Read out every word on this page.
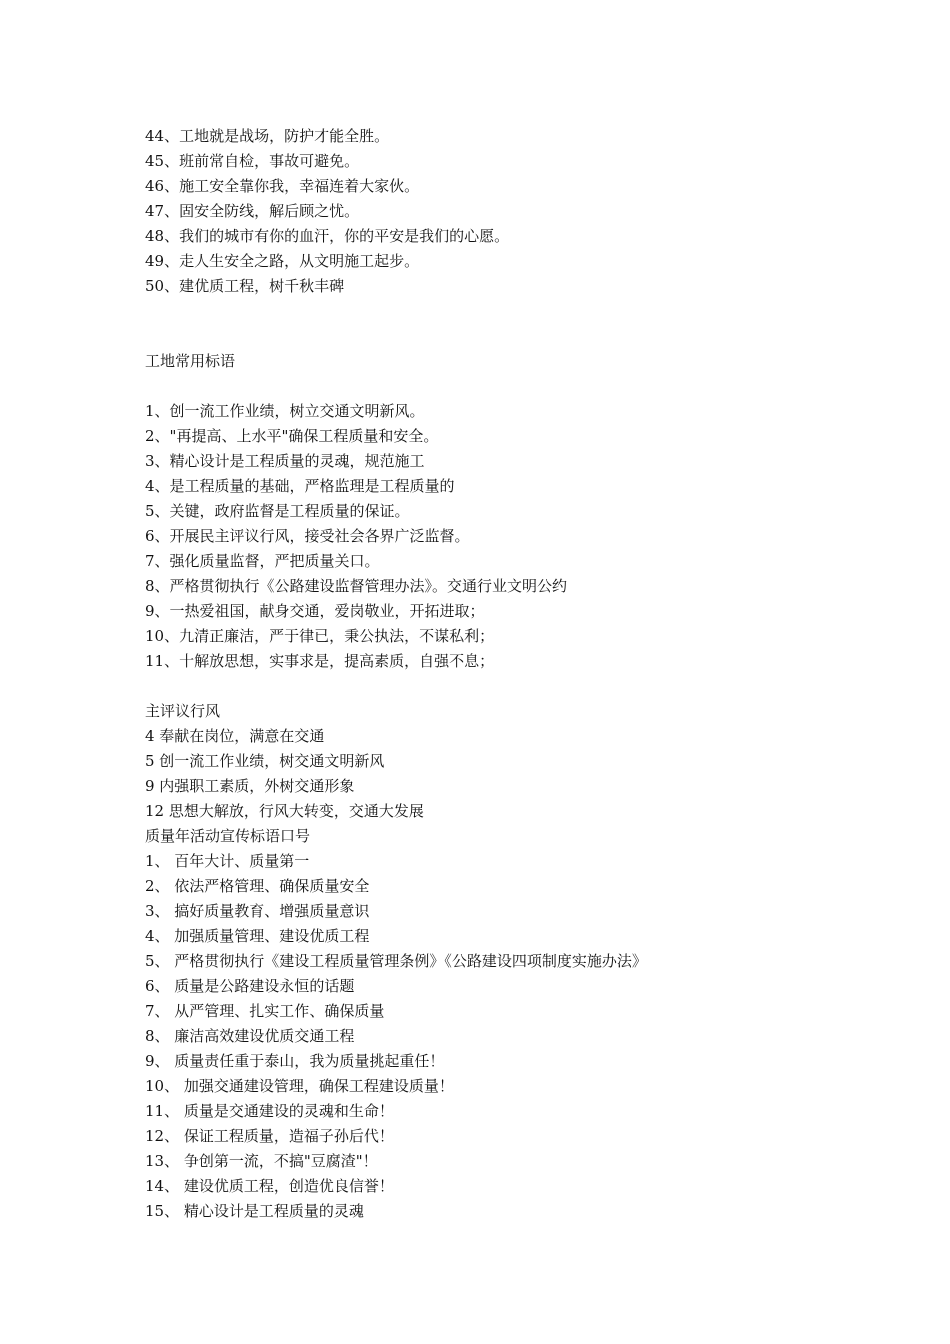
44、工地就是战场，防护才能全胜。
45、班前常自检，事故可避免。
46、施工安全靠你我，幸福连着大家伙。
47、固安全防线，解后顾之忧。
48、我们的城市有你的血汗，你的平安是我们的心愿。
49、走人生安全之路，从文明施工起步。
50、建优质工程，树千秋丰碑
工地常用标语
1、创一流工作业绩，树立交通文明新风。
2、"再提高、上水平"确保工程质量和安全。
3、精心设计是工程质量的灵魂，规范施工
4、是工程质量的基础，严格监理是工程质量的
5、关键，政府监督是工程质量的保证。
6、开展民主评议行风，接受社会各界广泛监督。
7、强化质量监督，严把质量关口。
8、严格贯彻执行《公路建设监督管理办法》。交通行业文明公约
9、一热爱祖国，献身交通，爱岗敬业，开拓进取；
10、九清正廉洁，严于律已，秉公执法，不谋私利；
11、十解放思想，实事求是，提高素质，自强不息；
主评议行风
4 奉献在岗位，满意在交通
5 创一流工作业绩，树交通文明新风
9 内强职工素质，外树交通形象
12 思想大解放，行风大转变，交通大发展
质量年活动宣传标语口号
1、 百年大计、质量第一
2、 依法严格管理、确保质量安全
3、 搞好质量教育、增强质量意识
4、 加强质量管理、建设优质工程
5、 严格贯彻执行《建设工程质量管理条例》《公路建设四项制度实施办法》
6、 质量是公路建设永恒的话题
7、 从严管理、扎实工作、确保质量
8、 廉洁高效建设优质交通工程
9、 质量责任重于泰山，我为质量挑起重任！
10、 加强交通建设管理，确保工程建设质量！
11、 质量是交通建设的灵魂和生命！
12、 保证工程质量，造福子孙后代！
13、 争创第一流，不搞"豆腐渣"！
14、 建设优质工程，创造优良信誉！
15、 精心设计是工程质量的灵魂
